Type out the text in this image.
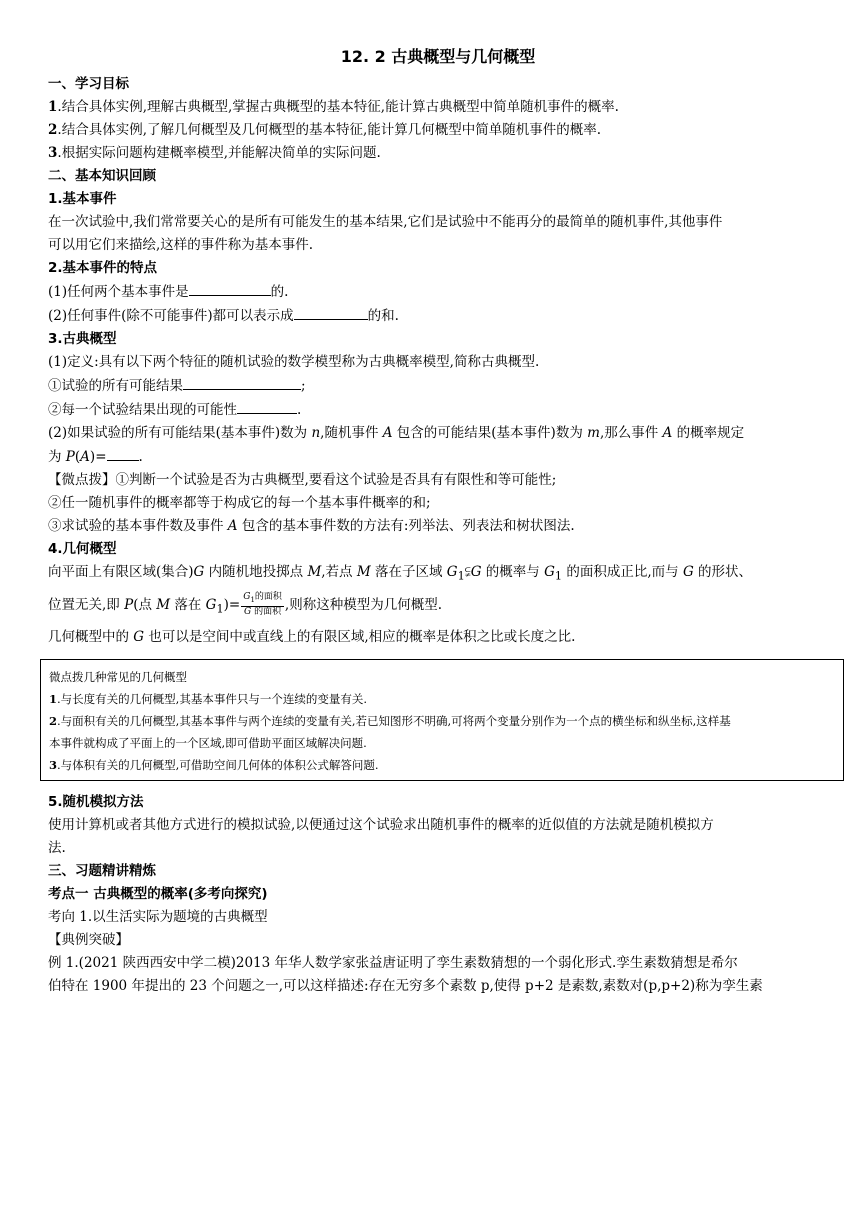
12. 2 古典概型与几何概型

一、学习目标

1.结合具体实例,理解古典概型,掌握古典概型的基本特征,能计算古典概型中简单随机事件的概率.

2.结合具体实例,了解几何概型及几何概型的基本特征,能计算几何概型中简单随机事件的概率.

3.根据实际问题构建概率模型,并能解决简单的实际问题.

二、基本知识回顾

1.基本事件

在一次试验中,我们常常要关心的是所有可能发生的基本结果,它们是试验中不能再分的最简单的随机事件,其他事件

可以用它们来描绘,这样的事件称为基本事件.

2.基本事件的特点

(1)任何两个基本事件是	的.

(2)任何事件(除不可能事件)都可以表示成	的和.

3.古典概型

(1)定义:具有以下两个特征的随机试验的数学模型称为古典概率模型,简称古典概型.

①试验的所有可能结果	;

②每一个试验结果出现的可能性	.

(2)如果试验的所有可能结果(基本事件)数为 n,随机事件 A 包含的可能结果(基本事件)数为 m,那么事件 A 的概率规定

为 P(A)= .

【微点拨】①判断一个试验是否为古典概型,要看这个试验是否具有有限性和等可能性;

②任一随机事件的概率都等于构成它的每一个基本事件概率的和;

③求试验的基本事件数及事件 A 包含的基本事件数的方法有:列举法、列表法和树状图法.

4.几何概型

向平面上有限区域(集合)G 内随机地投掷点 M,若点 M 落在子区域 $G_1⫋G$ 的概率与 $G_1$ 的面积成正比,而与 G 的形状、

位置无关,即 P(点 M 落在 $G_1)= \frac{G_1的面积}{\text{G 的面积}}$ ,则称这种模型为几何概型.

几何概型中的 G 也可以是空间中或直线上的有限区域,相应的概率是体积之比或长度之比.

微点拨几种常见的几何概型

1.与长度有关的几何概型,其基本事件只与一个连续的变量有关.

2.与面积有关的几何概型,其基本事件与两个连续的变量有关,若已知图形不明确,可将两个变量分别作为一个点的横坐标和纵坐标,这样基

本事件就构成了平面上的一个区域,即可借助平面区域解决问题.

3.与体积有关的几何概型,可借助空间几何体的体积公式解答问题.

5.随机模拟方法

使用计算机或者其他方式进行的模拟试验,以便通过这个试验求出随机事件的概率的近似值的方法就是随机模拟方

法.

三、习题精讲精炼

考点一 古典概型的概率(多考向探究)

考向 1.以生活实际为题境的古典概型

【典例突破】

例 1.(2021 陕西西安中学二模)2013 年华人数学家张益唐证明了孪生素数猜想的一个弱化形式.孪生素数猜想是希尔

伯特在 1900 年提出的 23 个问题之一,可以这样描述:存在无穷多个素数 p,使得 p+2 是素数,素数对(p,p+2)称为孪生素
